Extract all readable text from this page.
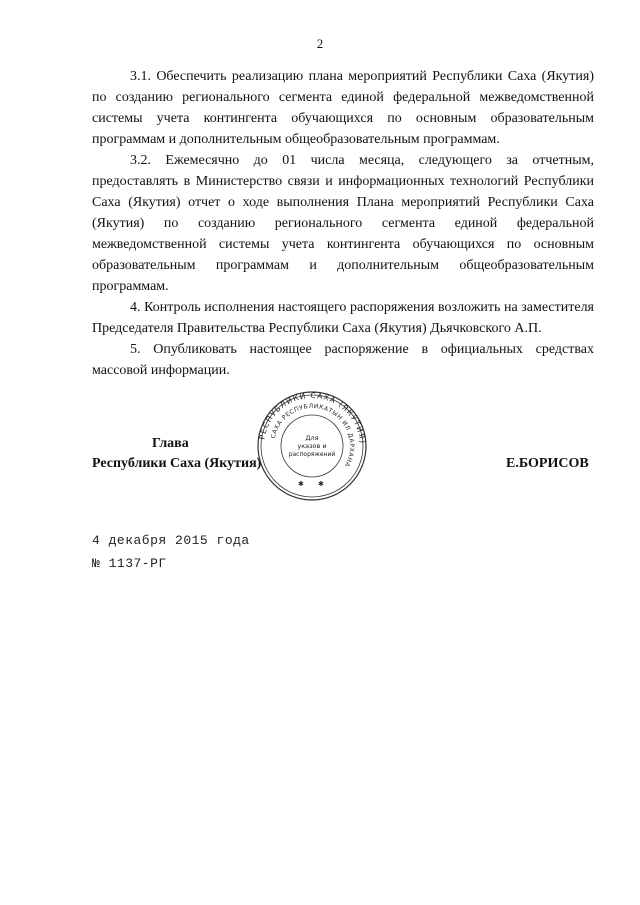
2

3.1. Обеспечить реализацию плана мероприятий Республики Саха (Якутия) по созданию регионального сегмента единой федеральной межведомственной системы учета контингента обучающихся по основным образовательным программам и дополнительным общеобразовательным программам.

3.2. Ежемесячно до 01 числа месяца, следующего за отчетным, предоставлять в Министерство связи и информационных технологий Республики Саха (Якутия) отчет о ходе выполнения Плана мероприятий Республики Саха (Якутия) по созданию регионального сегмента единой федеральной межведомственной системы учета контингента обучающихся по основным образовательным программам и дополнительным общеобразовательным программам.

4. Контроль исполнения настоящего распоряжения возложить на заместителя Председателя Правительства Республики Саха (Якутия) Дьячковского А.П.

5. Опубликовать настоящее распоряжение в официальных средствах массовой информации.

Глава
Республики Саха (Якутия)	Е.БОРИСОВ
РЕСПУБЛИКИ САХА (ЯКУТИЯ)
САХА РЕСПУБЛИКАТЫН ИЛ ДАРХАНА
Для
указов и
распоряжений
✱ ✱
4 декабря 2015 года
№ 1137-РГ
